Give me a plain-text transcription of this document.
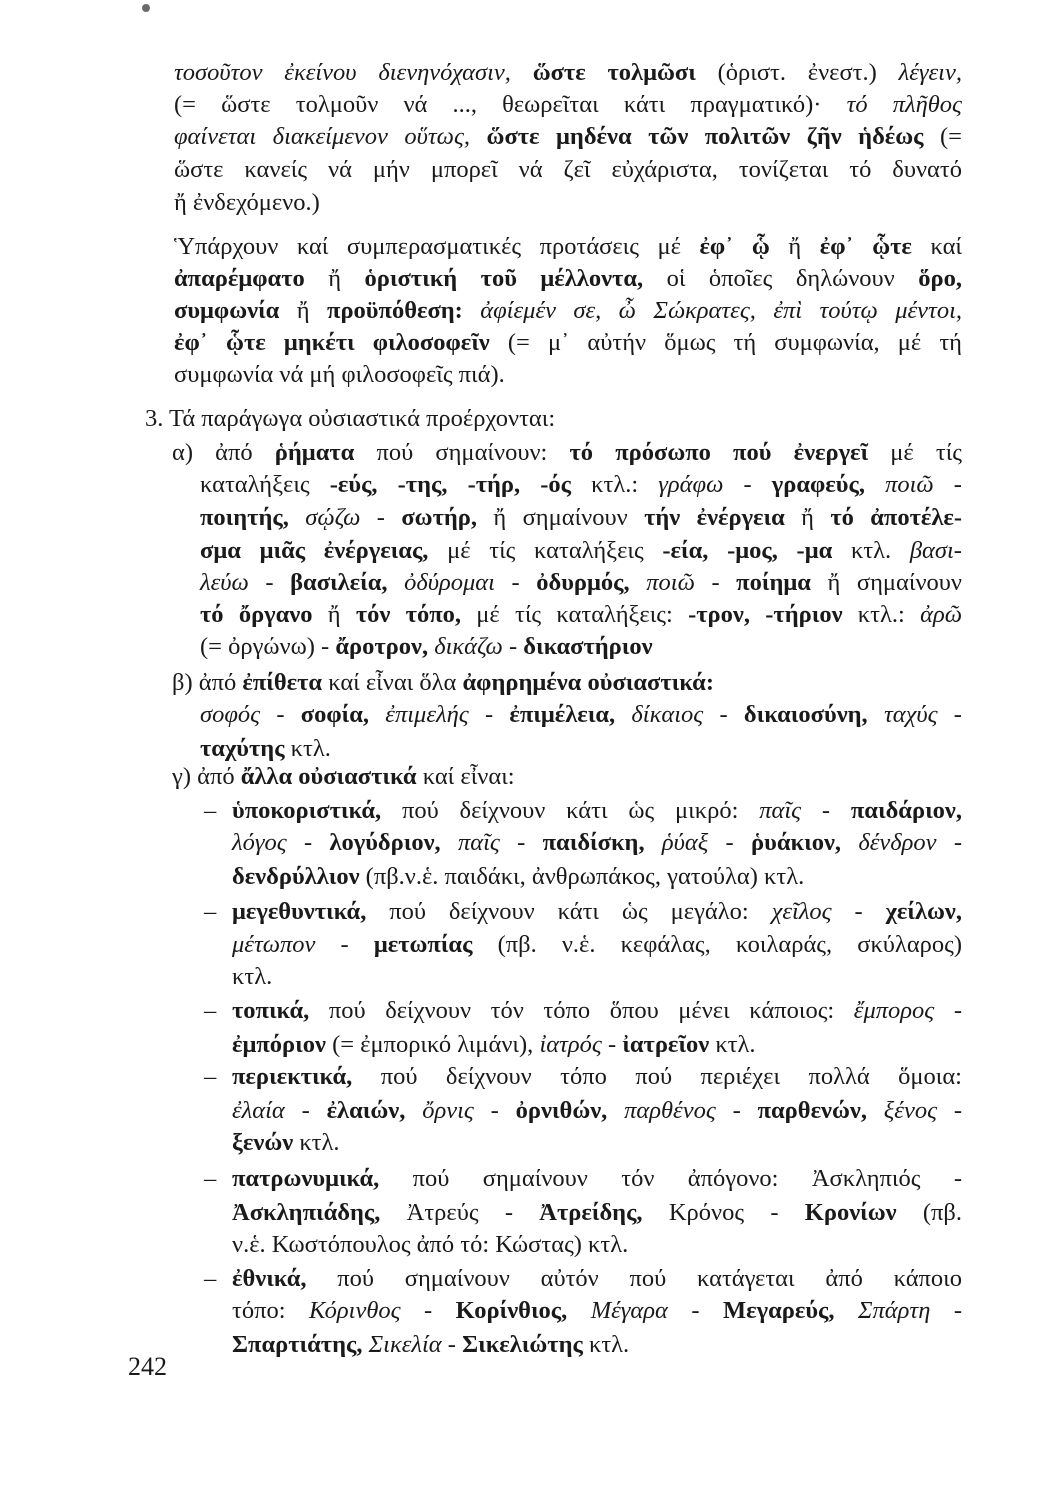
τοσοῦτον ἐκείνου διενηνόχασιν, ὥστε τολμῶσι (ὁριστ. ἐνεστ.) λέγειν,
(= ὥστε τολμοῦν νά ..., θεωρεῖται κάτι πραγματικό)· τό πλῆθος
φαίνεται διακείμενον οὕτως, ὥστε μηδένα τῶν πολιτῶν ζῆν ἡδέως (=
ὥστε κανείς νά μήν μπορεῖ νά ζεῖ εὐχάριστα, τονίζεται τό δυνατό
ἤ ἐνδεχόμενο.)
Ὑπάρχουν καί συμπερασματικές προτάσεις μέ ἐφ᾽ ᾧ ἤ ἐφ᾽ ᾧτε καί
ἀπαρέμφατο ἤ ὁριστική τοῦ μέλλοντα, οἱ ὁποῖες δηλώνουν ὅρο,
συμφωνία ἤ προϋπόθεση: ἀφίεμέν σε, ὦ Σώκρατες, ἐπὶ τούτῳ μέντοι,
ἐφ᾽ ᾧτε μηκέτι φιλοσοφεῖν (= μ᾽ αὐτήν ὅμως τή συμφωνία, μέ τή
συμφωνία νά μή φιλοσοφεῖς πιά).
3. Τά παράγωγα οὐσιαστικά προέρχονται:
α) ἀπό ῥήματα πού σημαίνουν: τό πρόσωπο πού ἐνεργεῖ μέ τίς
καταλήξεις -εύς, -της, -τήρ, -ός κτλ.: γράφω - γραφεύς, ποιῶ -
ποιητής, σῴζω - σωτήρ, ἤ σημαίνουν τήν ἐνέργεια ἤ τό ἀποτέλε-
σμα μιᾶς ἐνέργειας, μέ τίς καταλήξεις -εία, -μος, -μα κτλ. βασι-
λεύω - βασιλεία, ὀδύρομαι - ὀδυρμός, ποιῶ - ποίημα ἤ σημαίνουν
τό ὄργανο ἤ τόν τόπο, μέ τίς καταλήξεις: -τρον, -τήριον κτλ.: ἀρῶ
(= ὀργώνω) - ἄροτρον, δικάζω - δικαστήριον
β) ἀπό ἐπίθετα καί εἶναι ὅλα ἀφηρημένα οὐσιαστικά:
σοφός - σοφία, ἐπιμελής - ἐπιμέλεια, δίκαιος - δικαιοσύνη, ταχύς -
ταχύτης κτλ.
γ) ἀπό ἄλλα οὐσιαστικά καί εἶναι:
– ὑποκοριστικά, πού δείχνουν κάτι ὡς μικρό: παῖς - παιδάριον,
λόγος - λογύδριον, παῖς - παιδίσκη, ῥύαξ - ῥυάκιον, δένδρον -
δενδρύλλιον (πβ.ν.ἑ. παιδάκι, ἀνθρωπάκος, γατούλα) κτλ.
– μεγεθυντικά, πού δείχνουν κάτι ὡς μεγάλο: χεῖλος - χείλων,
μέτωπον - μετωπίας (πβ. ν.ἑ. κεφάλας, κοιλαράς, σκύλαρος)
κτλ.
– τοπικά, πού δείχνουν τόν τόπο ὅπου μένει κάποιος: ἔμπορος -
ἐμπόριον (= ἐμπορικό λιμάνι), ἰατρός - ἰατρεῖον κτλ.
– περιεκτικά, πού δείχνουν τόπο πού περιέχει πολλά ὅμοια:
ἐλαία - ἐλαιών, ὄρνις - ὀρνιθών, παρθένος - παρθενών, ξένος -
ξενών κτλ.
– πατρωνυμικά, πού σημαίνουν τόν ἀπόγονο: Ἀσκληπιός -
Ἀσκληπιάδης, Ἀτρεύς - Ἀτρείδης, Κρόνος - Κρονίων (πβ.
ν.ἑ. Κωστόπουλος ἀπό τό: Κώστας) κτλ.
– ἐθνικά, πού σημαίνουν αὐτόν πού κατάγεται ἀπό κάποιο
τόπο: Κόρινθος - Κορίνθιος, Μέγαρα - Μεγαρεύς, Σπάρτη -
Σπαρτιάτης, Σικελία - Σικελιώτης κτλ.
242
